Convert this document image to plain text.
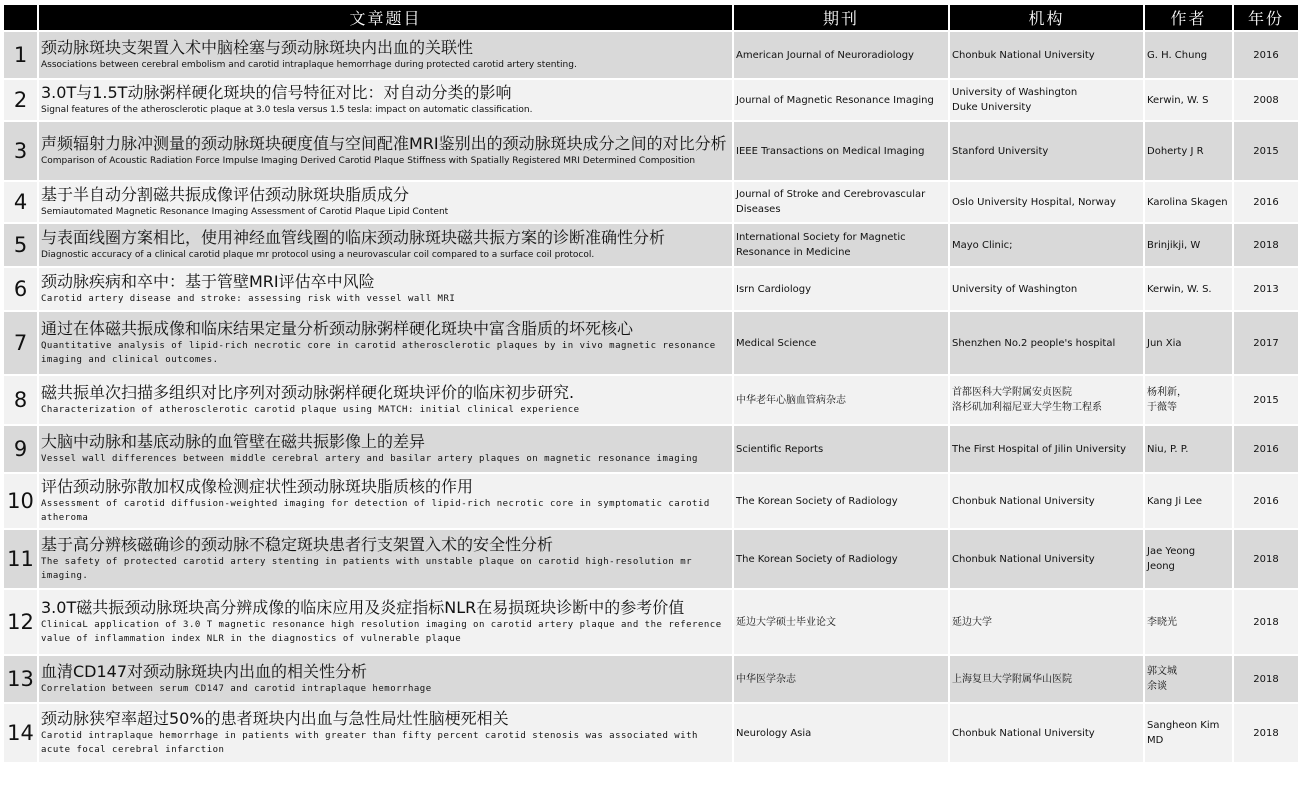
	文章题目	期刊	机构	作者	年份
1	颈动脉斑块支架置入术中脑栓塞与颈动脉斑块内出血的关联性
Associations between cerebral embolism and carotid intraplaque hemorrhage during protected carotid artery stenting.	American Journal of Neuroradiology	Chonbuk National University	G. H. Chung	2016
2	3.0T与1.5T动脉粥样硬化斑块的信号特征对比：对自动分类的影响
Signal features of the atherosclerotic plaque at 3.0 tesla versus 1.5 tesla: impact on automatic classification.	Journal of Magnetic Resonance Imaging	University of Washington
Duke University	Kerwin, W. S	2008
3	声频辐射力脉冲测量的颈动脉斑块硬度值与空间配准MRI鉴别出的颈动脉斑块成分之间的对比分析
Comparison of Acoustic Radiation Force Impulse Imaging Derived Carotid Plaque Stiffness with Spatially Registered MRI Determined Composition	IEEE Transactions on Medical Imaging	Stanford University	Doherty J R	2015
4	基于半自动分割磁共振成像评估颈动脉斑块脂质成分
Semiautomated Magnetic Resonance Imaging Assessment of Carotid Plaque Lipid Content	Journal of Stroke and Cerebrovascular Diseases	Oslo University Hospital, Norway	Karolina Skagen	2016
5	与表面线圈方案相比，使用神经血管线圈的临床颈动脉斑块磁共振方案的诊断准确性分析
Diagnostic accuracy of a clinical carotid plaque mr protocol using a neurovascular coil compared to a surface coil protocol.	International Society for Magnetic Resonance in Medicine	Mayo Clinic;	Brinjikji, W	2018
6	颈动脉疾病和卒中：基于管壁MRI评估卒中风险
Carotid artery disease and stroke: assessing risk with vessel wall MRI	Isrn Cardiology	University of Washington	Kerwin, W. S.	2013
7	通过在体磁共振成像和临床结果定量分析颈动脉粥样硬化斑块中富含脂质的坏死核心
Quantitative analysis of lipid-rich necrotic core in carotid atherosclerotic plaques by in vivo magnetic resonance imaging and clinical outcomes.	Medical Science	Shenzhen No.2 people's hospital	Jun Xia	2017
8	磁共振单次扫描多组织对比序列对颈动脉粥样硬化斑块评价的临床初步研究.
Characterization of atherosclerotic carotid plaque using MATCH: initial clinical experience	中华老年心脑血管病杂志	首都医科大学附属安贞医院
洛杉矶加利福尼亚大学生物工程系	杨利新，
于薇等	2015
9	大脑中动脉和基底动脉的血管壁在磁共振影像上的差异
Vessel wall differences between middle cerebral artery and basilar artery plaques on magnetic resonance imaging	Scientific Reports	The First Hospital of Jilin University	Niu, P. P.	2016
10	评估颈动脉弥散加权成像检测症状性颈动脉斑块脂质核的作用
Assessment of carotid diffusion-weighted imaging for detection of lipid-rich necrotic core in symptomatic carotid atheroma	The Korean Society of Radiology	Chonbuk National University	Kang Ji Lee	2016
11	基于高分辨核磁确诊的颈动脉不稳定斑块患者行支架置入术的安全性分析
The safety of protected carotid artery stenting in patients with unstable plaque on carotid high-resolution mr imaging.	The Korean Society of Radiology	Chonbuk National University	Jae Yeong
Jeong	2018
12	3.0T磁共振颈动脉斑块高分辨成像的临床应用及炎症指标NLR在易损斑块诊断中的参考价值
ClinicaL application of 3.0 T magnetic resonance high resolution imaging on carotid artery plaque and the reference value of inflammation index NLR in the diagnostics of vulnerable plaque	延边大学硕士毕业论文	延边大学	李晓光	2018
13	血清CD147对颈动脉斑块内出血的相关性分析
Correlation between serum CD147 and carotid intraplaque hemorrhage	中华医学杂志	上海复旦大学附属华山医院	郭文城
余谈	2018
14	颈动脉狭窄率超过50%的患者斑块内出血与急性局灶性脑梗死相关
Carotid intraplaque hemorrhage in patients with greater than fifty percent carotid stenosis was associated with acute focal cerebral infarction	Neurology Asia	Chonbuk National University	Sangheon Kim
MD	2018
